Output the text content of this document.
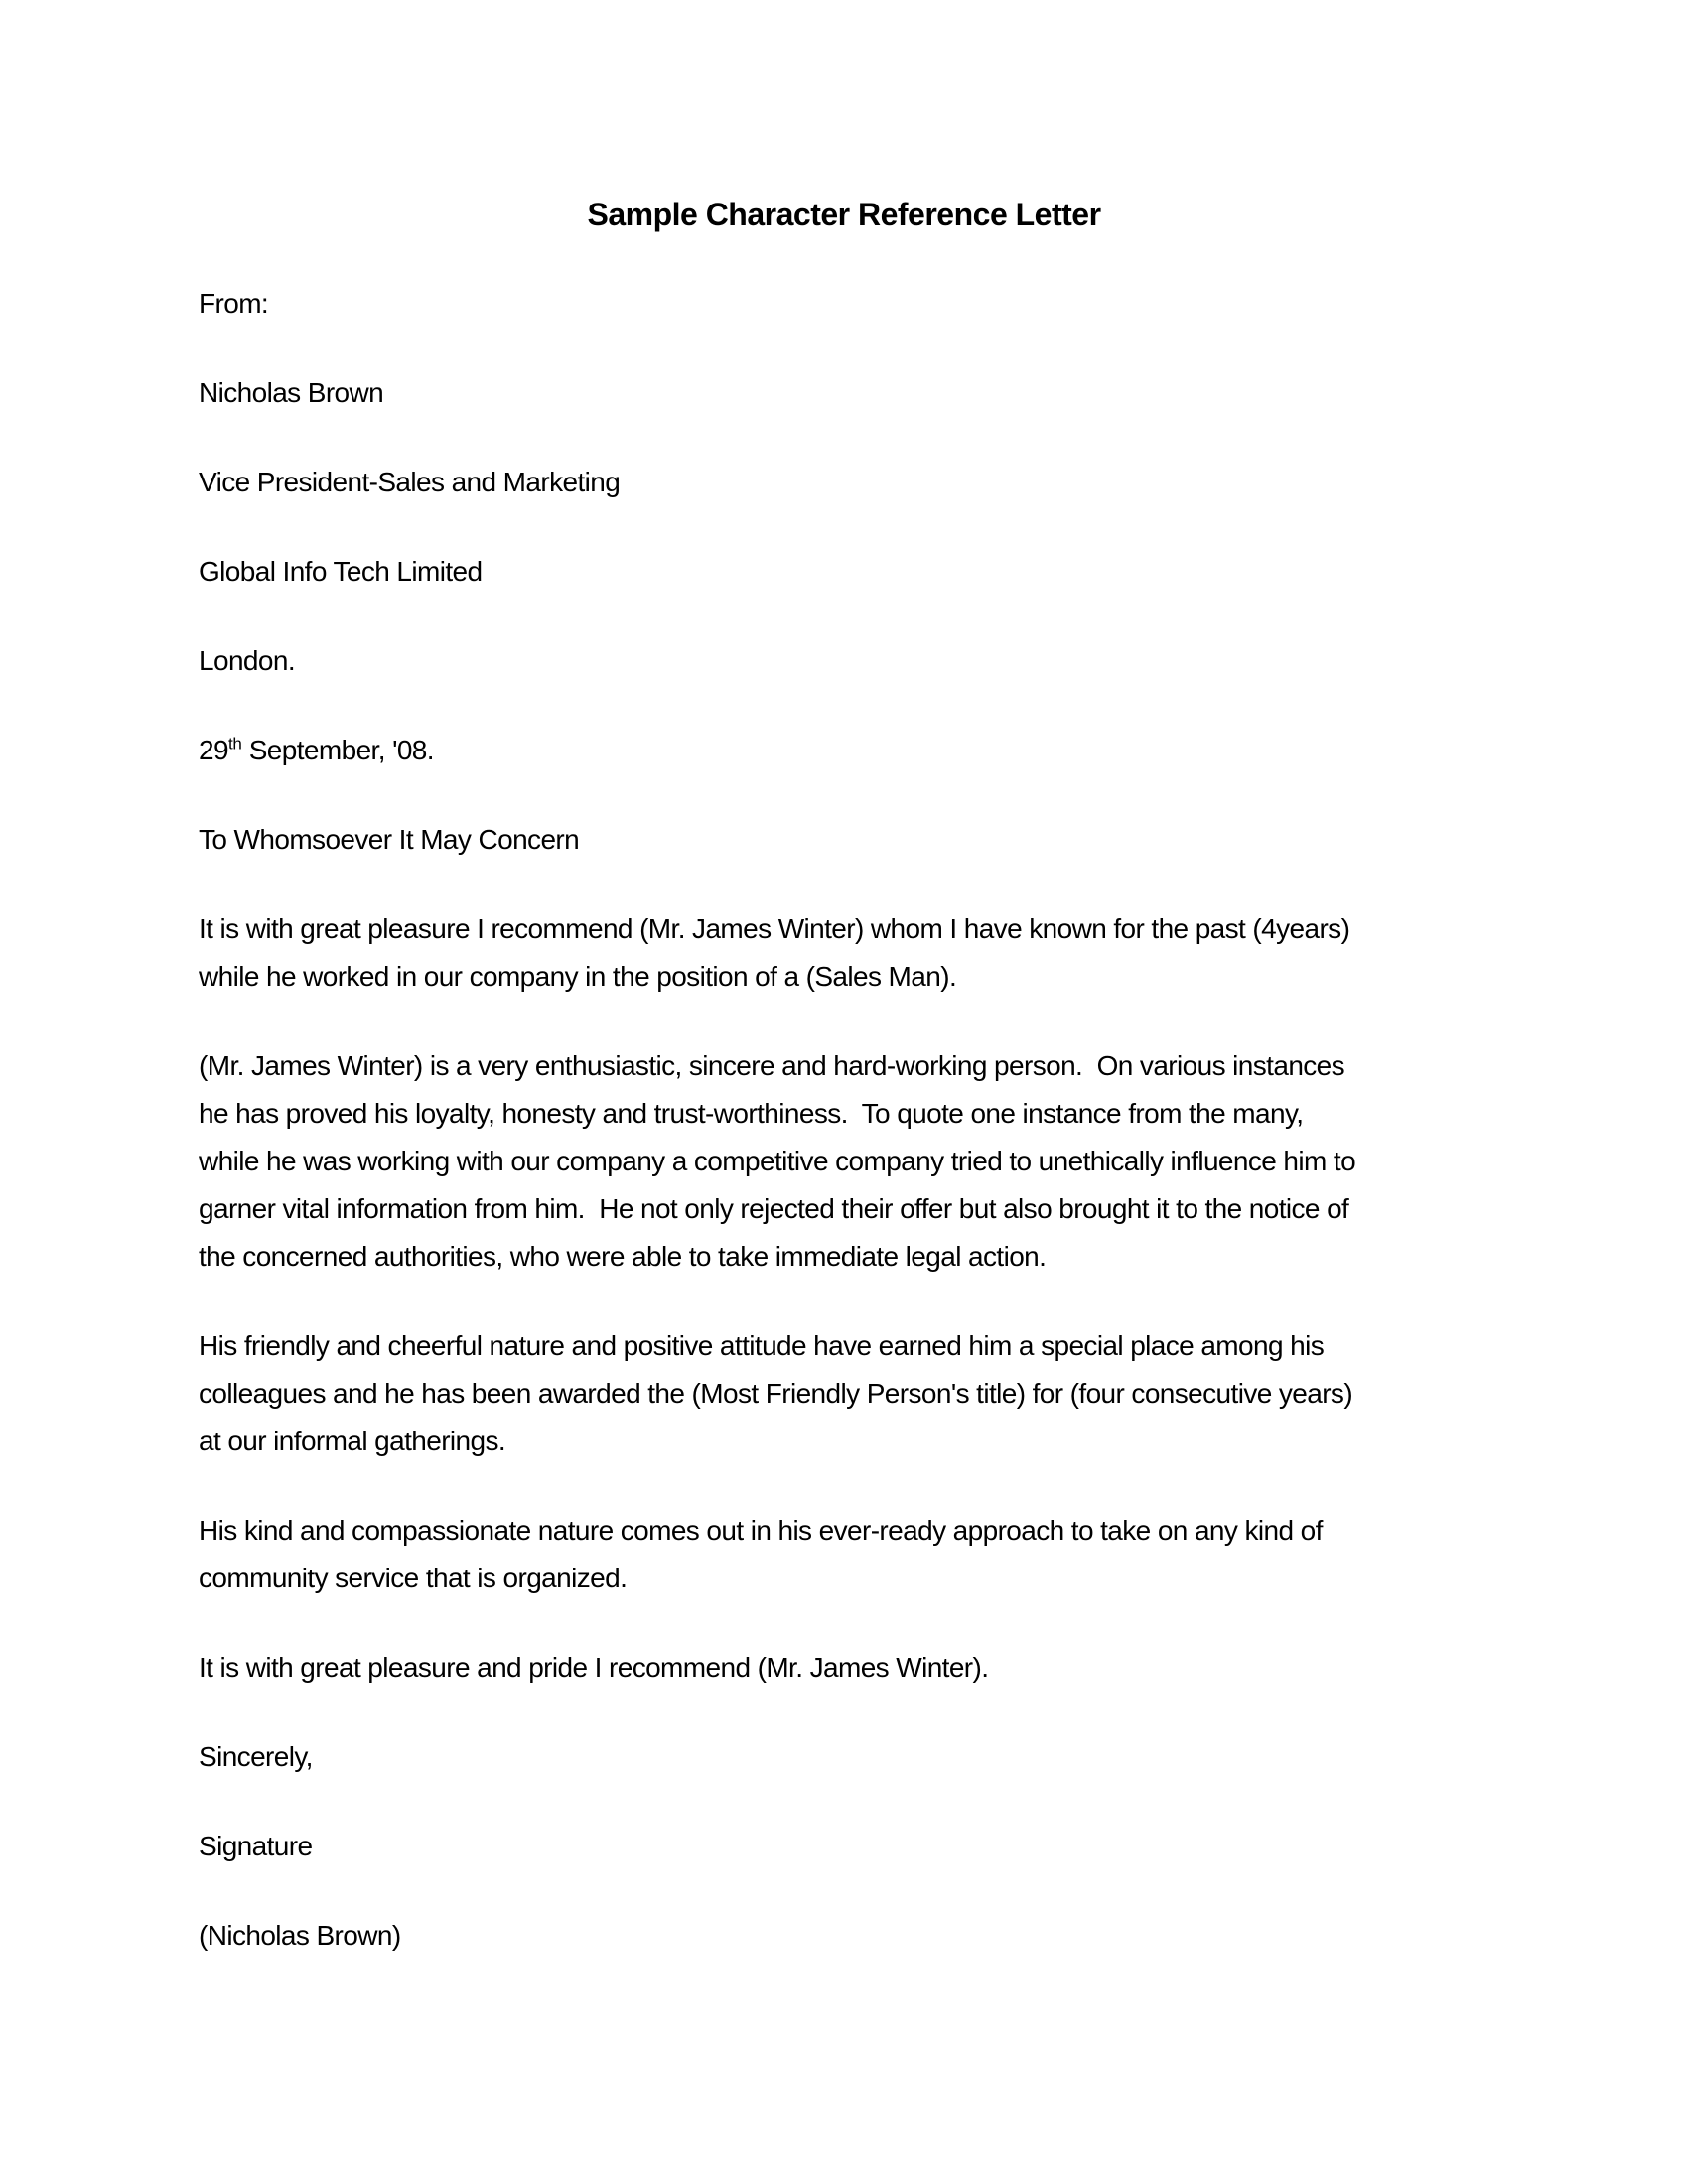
Sample Character Reference Letter
From:
Nicholas Brown
Vice President-Sales and Marketing
Global Info Tech Limited
London.
29th September, '08.
To Whomsoever It May Concern
It is with great pleasure I recommend (Mr. James Winter) whom I have known for the past (4years)
while he worked in our company in the position of a (Sales Man).
(Mr. James Winter) is a very enthusiastic, sincere and hard-working person.  On various instances
he has proved his loyalty, honesty and trust-worthiness.  To quote one instance from the many,
while he was working with our company a competitive company tried to unethically influence him to
garner vital information from him.  He not only rejected their offer but also brought it to the notice of
the concerned authorities, who were able to take immediate legal action.
His friendly and cheerful nature and positive attitude have earned him a special place among his
colleagues and he has been awarded the (Most Friendly Person's title) for (four consecutive years)
at our informal gatherings.
His kind and compassionate nature comes out in his ever-ready approach to take on any kind of
community service that is organized.
It is with great pleasure and pride I recommend (Mr. James Winter).
Sincerely,
Signature
(Nicholas Brown)
